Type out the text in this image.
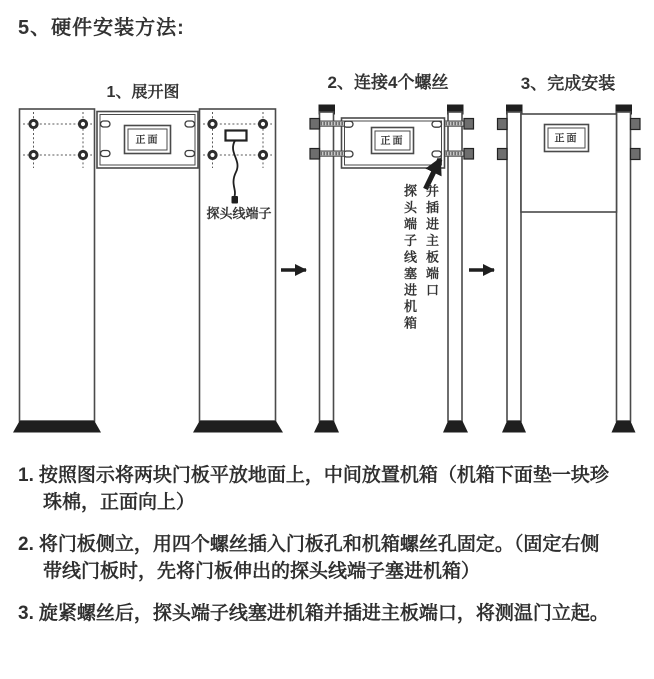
5、硬件安装方法:
1、展开图
正面
探头线端子
2、连接4个螺丝
正面
3、完成安装
正面
探头端子线塞进机箱 并插进主板端口

1. 按照图示将两块门板平放地面上，中间放置机箱（机箱下面垫一块珍珠棉，正面向上）

2. 将门板侧立，用四个螺丝插入门板孔和机箱螺丝孔固定。（固定右侧带线门板时，先将门板伸出的探头线端子塞进机箱）

3. 旋紧螺丝后，探头端子线塞进机箱并插进主板端口，将测温门立起。
